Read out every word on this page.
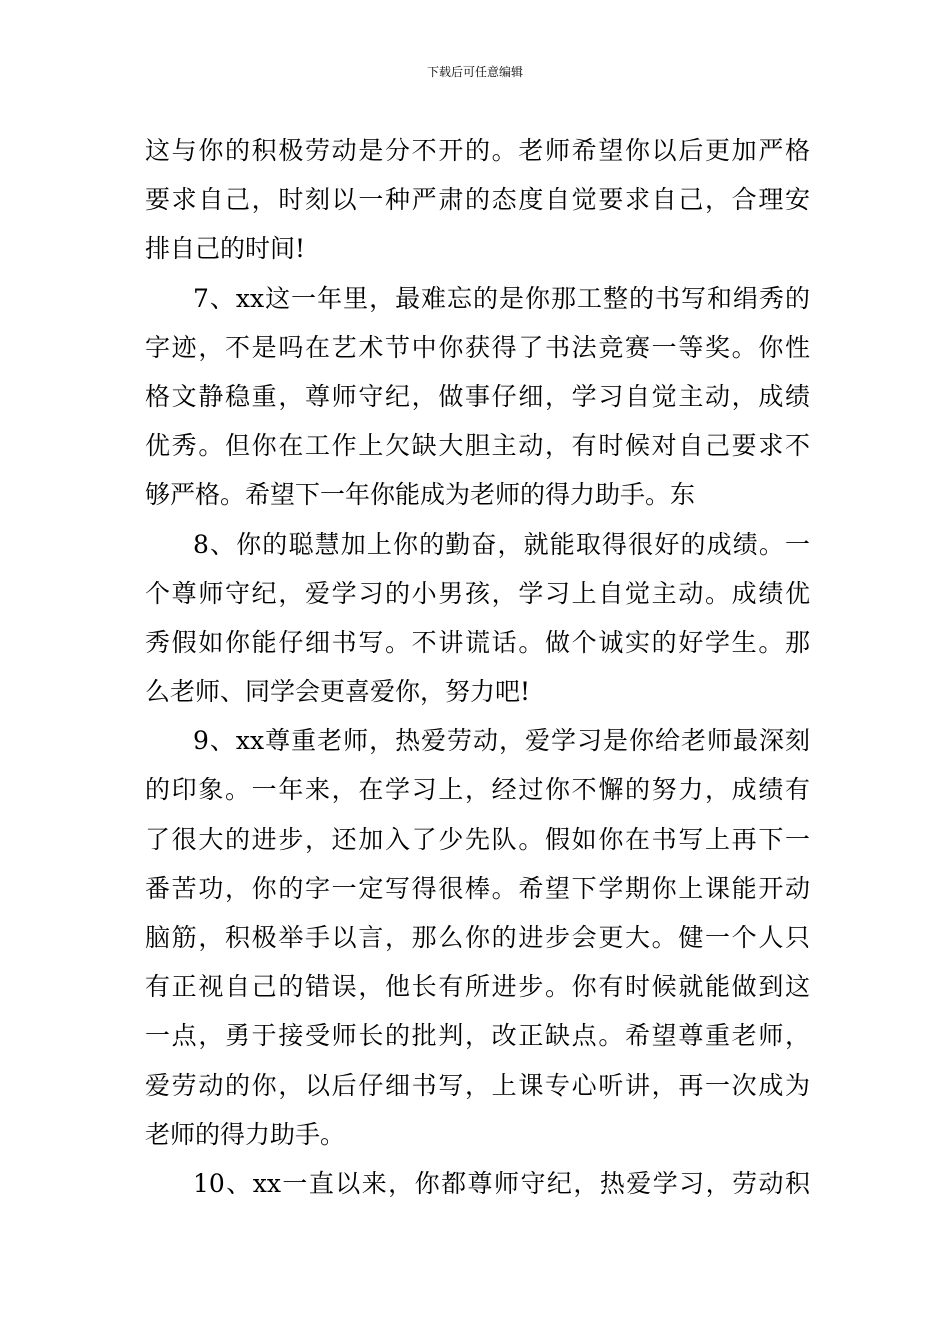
下载后可任意编辑
这与你的积极劳动是分不开的。老师希望你以后更加严格
要求自己，时刻以一种严肃的态度自觉要求自己，合理安
排自己的时间!
7、xx这一年里，最难忘的是你那工整的书写和绢秀的
字迹，不是吗在艺术节中你获得了书法竞赛一等奖。你性
格文静稳重，尊师守纪，做事仔细，学习自觉主动，成绩
优秀。但你在工作上欠缺大胆主动，有时候对自己要求不
够严格。希望下一年你能成为老师的得力助手。东
8、你的聪慧加上你的勤奋，就能取得很好的成绩。一
个尊师守纪，爱学习的小男孩，学习上自觉主动。成绩优
秀假如你能仔细书写。不讲谎话。做个诚实的好学生。那
么老师、同学会更喜爱你，努力吧!
9、xx尊重老师，热爱劳动，爱学习是你给老师最深刻
的印象。一年来，在学习上，经过你不懈的努力，成绩有
了很大的进步，还加入了少先队。假如你在书写上再下一
番苦功，你的字一定写得很棒。希望下学期你上课能开动
脑筋，积极举手以言，那么你的进步会更大。健一个人只
有正视自己的错误，他长有所进步。你有时候就能做到这
一点，勇于接受师长的批判，改正缺点。希望尊重老师，
爱劳动的你，以后仔细书写，上课专心听讲，再一次成为
老师的得力助手。
10、xx一直以来，你都尊师守纪，热爱学习，劳动积
